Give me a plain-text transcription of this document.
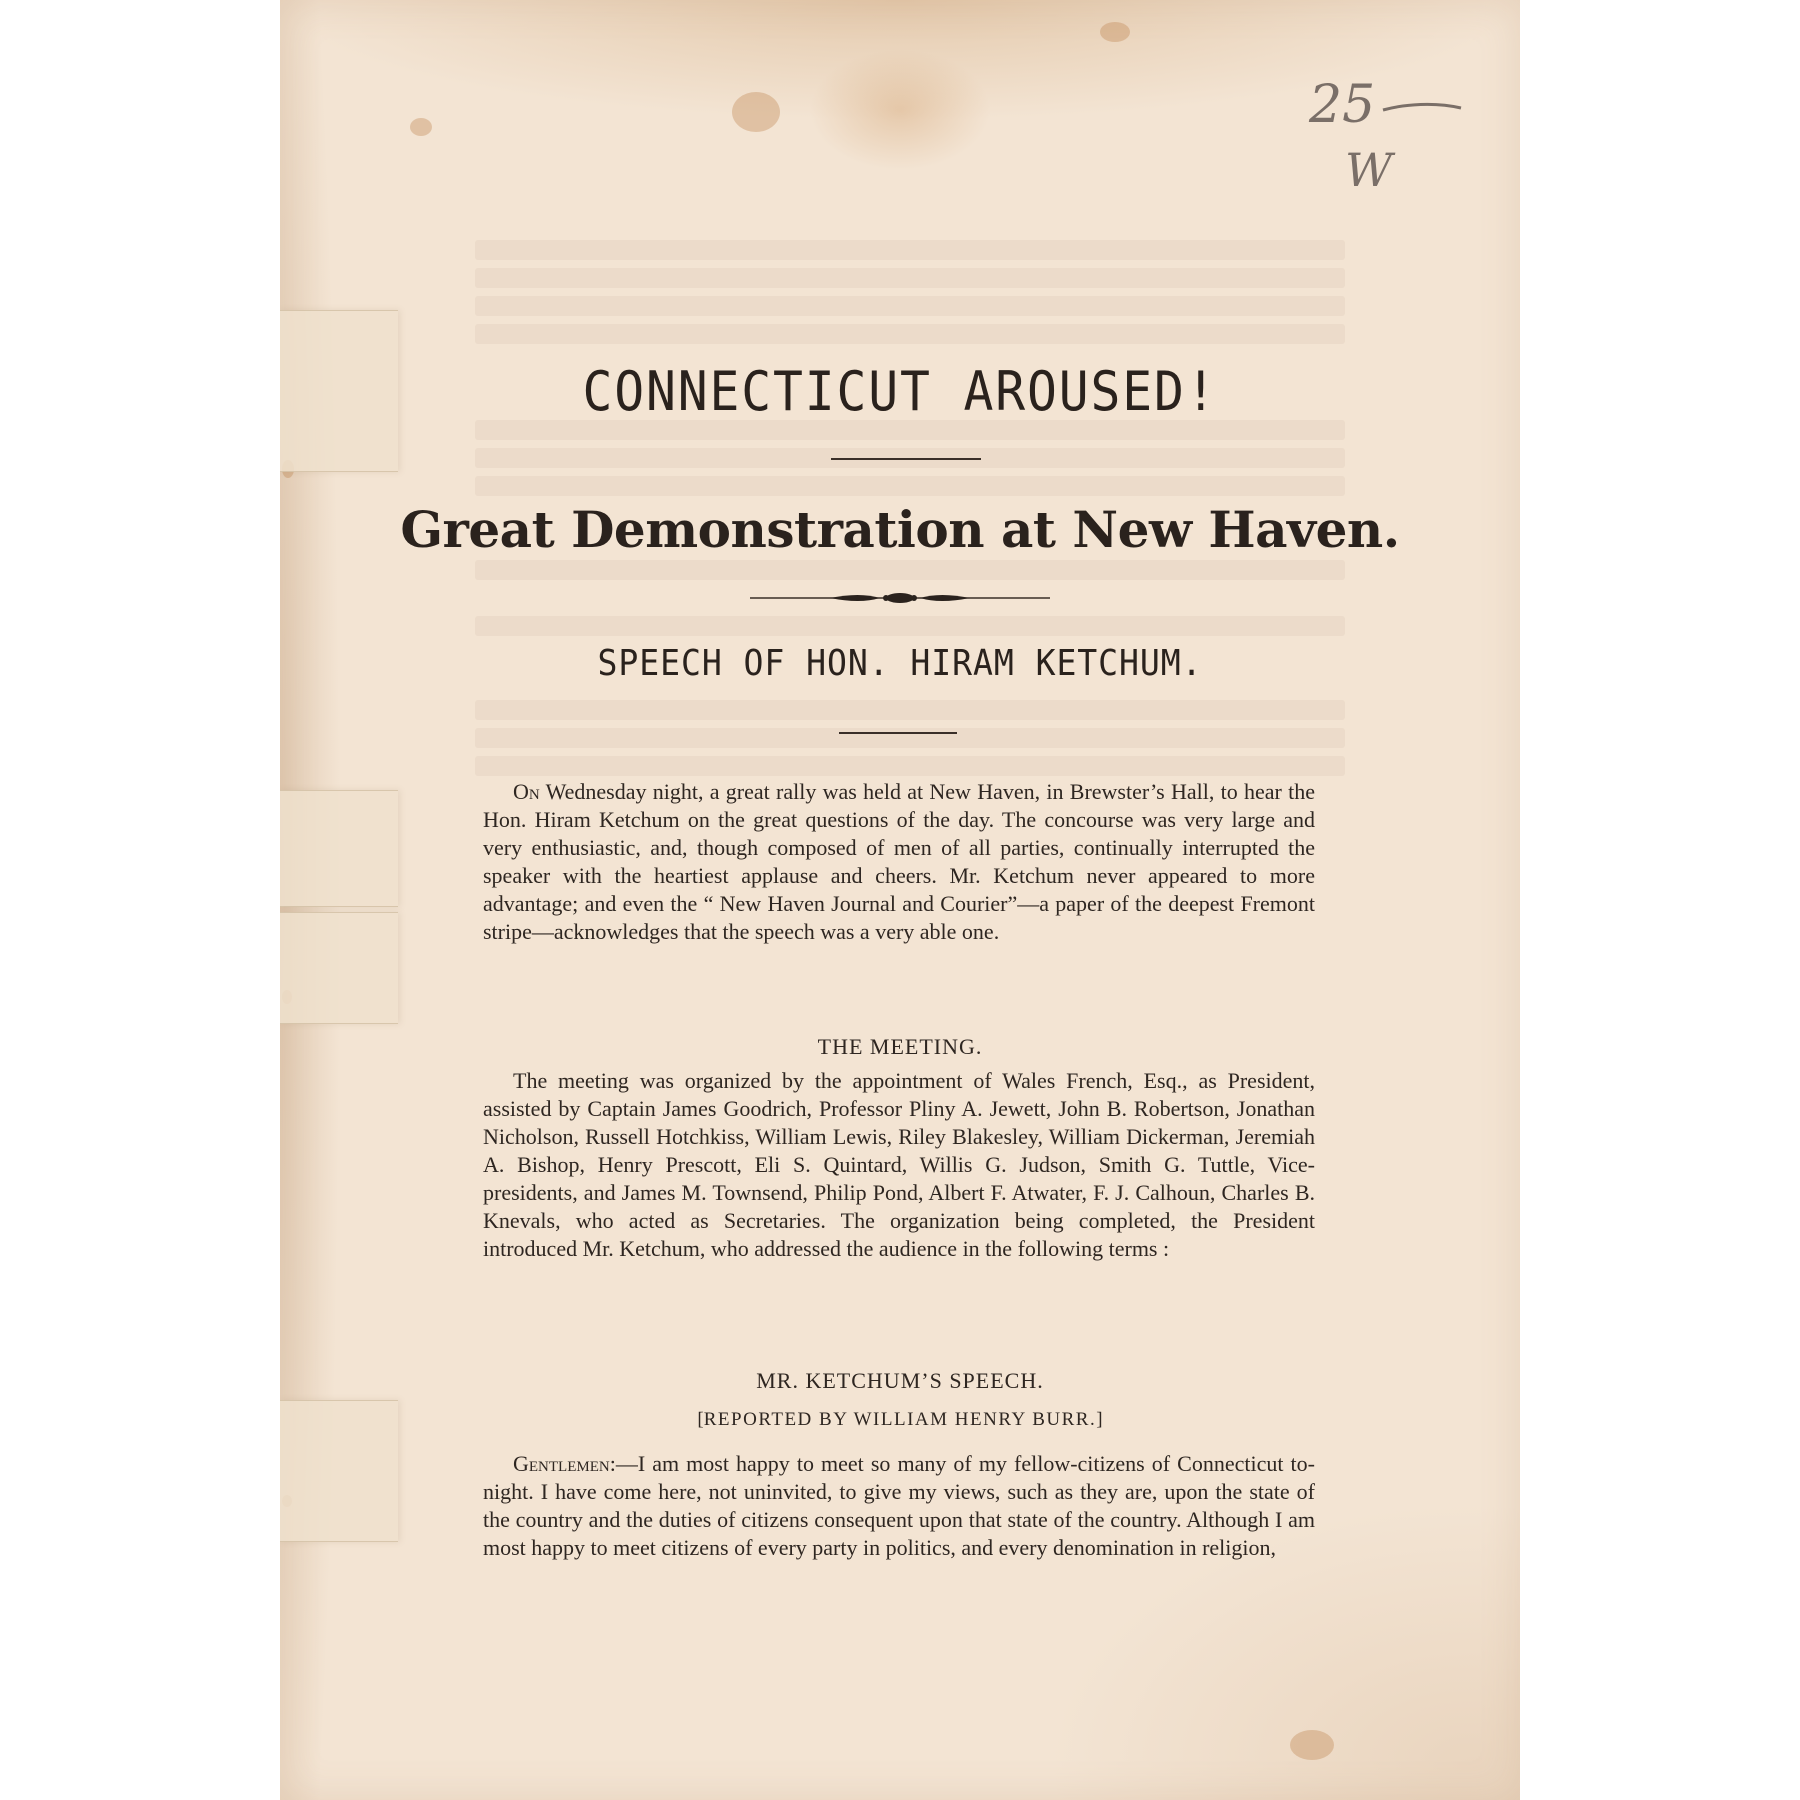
25
W
CONNECTICUT AROUSED!
Great Demonstration at New Haven.
SPEECH OF HON. HIRAM KETCHUM.

On Wednesday night, a great rally was held at New Haven, in Brewster’s Hall, to hear the Hon. Hiram Ketchum on the great questions of the day. The concourse was very large and very enthusiastic, and, though composed of men of all parties, continually interrupted the speaker with the heartiest applause and cheers. Mr. Ketchum never appeared to more advantage; and even the “ New Haven Journal and Courier”—a paper of the deepest Fremont stripe—acknowledges that the speech was a very able one.

THE MEETING.

The meeting was organized by the appointment of Wales French, Esq., as President, assisted by Captain James Goodrich, Professor Pliny A. Jewett, John B. Robertson, Jonathan Nicholson, Russell Hotchkiss, William Lewis, Riley Blakesley, William Dickerman, Jeremiah A. Bishop, Henry Prescott, Eli S. Quintard, Willis G. Judson, Smith G. Tuttle, Vice-presidents, and James M. Townsend, Philip Pond, Albert F. Atwater, F. J. Calhoun, Charles B. Knevals, who acted as Secretaries. The organization being completed, the President introduced Mr. Ketchum, who addressed the audience in the following terms :

MR. KETCHUM’S SPEECH.
[REPORTED BY WILLIAM HENRY BURR.]

Gentlemen:—I am most happy to meet so many of my fellow-citizens of Connecticut to-night. I have come here, not uninvited, to give my views, such as they are, upon the state of the country and the duties of citizens consequent upon that state of the country. Although I am most happy to meet citizens of every party in politics, and every denomination in religion,
